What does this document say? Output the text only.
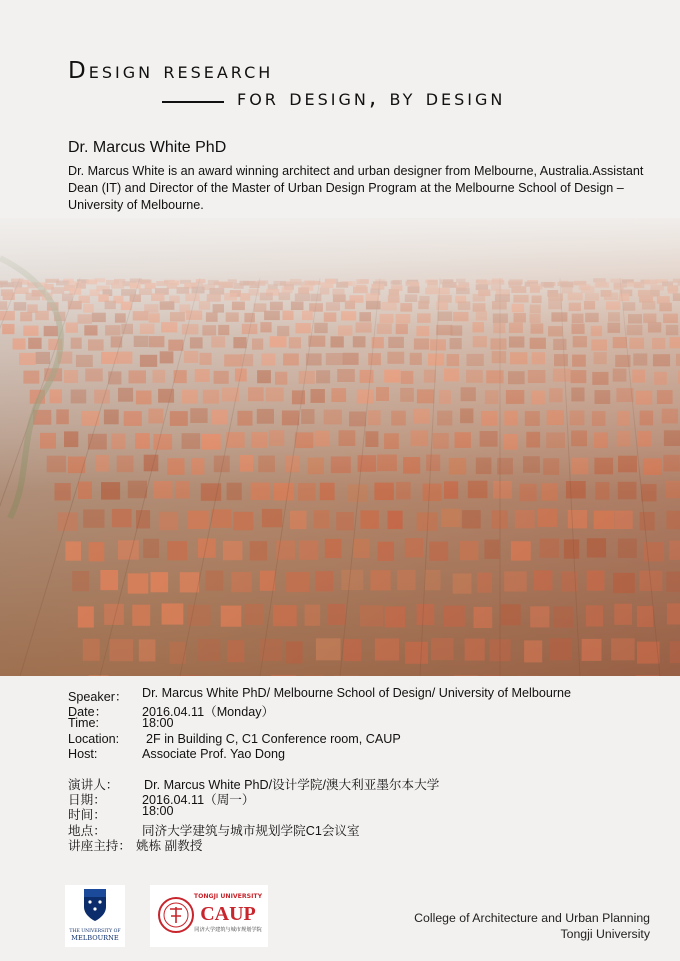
Design research
for design, by design
Dr. Marcus White PhD
Dr. Marcus White is an award winning architect and urban designer from Melbourne, Australia.Assistant Dean (IT) and Director of the Master of Urban Design Program at the Melbourne School of Design – University of Melbourne.
Speaker： Dr. Marcus White PhD/ Melbourne School of Design/ University of Melbourne
Date：	2016.04.11（Monday）
Time:	18:00
Location: 2F in Building C, C1 Conference room, CAUP
Host:	Associate Prof. Yao Dong
演讲人： Dr. Marcus White PhD/设计学院/澳大利亚墨尔本大学
日期：	2016.04.11（周一）
时间：	18:00
地点：	同济大学建筑与城市规划学院C1会议室
讲座主持： 姚栋 副教授
THE UNIVERSITY OF
MELBOURNE
TONGJI UNIVERSITY
CAUP
同济大学建筑与城市规划学院
College of Architecture and Urban Planning
Tongji University
